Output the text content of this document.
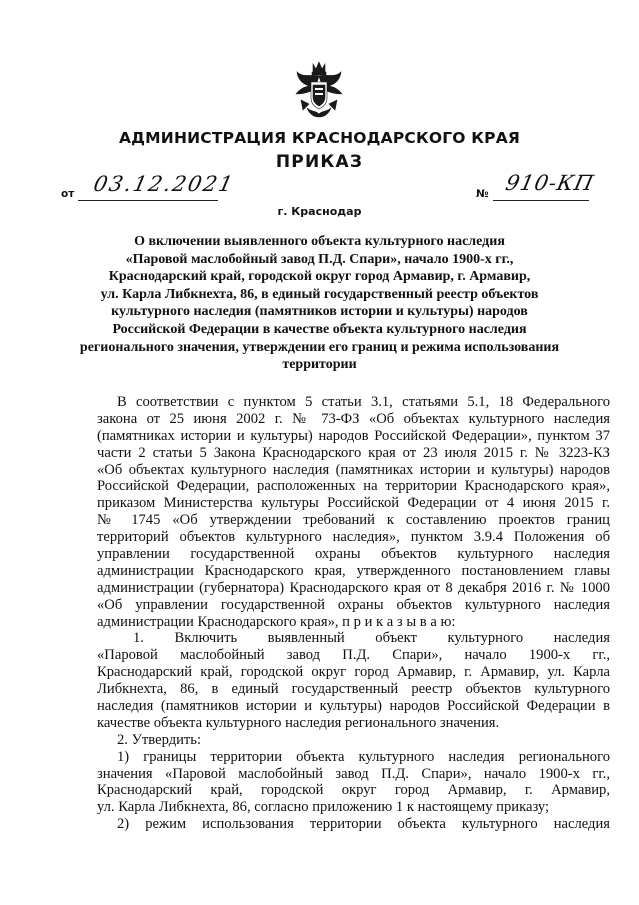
АДМИНИСТРАЦИЯ КРАСНОДАРСКОГО КРАЯ
ПРИКАЗ
от 03.12.2021	№ 910-КП
г. Краснодар
О включении выявленного объекта культурного наследия
«Паровой маслобойный завод П.Д. Спари», начало 1900-х гг.,
Краснодарский край, городской округ город Армавир, г. Армавир,
ул. Карла Либкнехта, 86, в единый государственный реестр объектов
культурного наследия (памятников истории и культуры) народов
Российской Федерации в качестве объекта культурного наследия
регионального значения, утверждении его границ и режима использования
территории
В соответствии с пунктом 5 статьи 3.1, статьями 5.1, 18 Федерального
закона от 25 июня 2002 г. № 73-ФЗ «Об объектах культурного наследия
(памятниках истории и культуры) народов Российской Федерации», пунктом 37
части 2 статьи 5 Закона Краснодарского края от 23 июля 2015 г. № 3223-КЗ
«Об объектах культурного наследия (памятниках истории и культуры) народов
Российской Федерации, расположенных на территории Краснодарского края»,
приказом Министерства культуры Российской Федерации от 4 июня 2015 г.
№ 1745 «Об утверждении требований к составлению проектов границ
территорий объектов культурного наследия», пунктом 3.9.4 Положения об
управлении государственной охраны объектов культурного наследия
администрации Краснодарского края, утвержденного постановлением главы
администрации (губернатора) Краснодарского края от 8 декабря 2016 г. № 1000
«Об управлении государственной охраны объектов культурного наследия
администрации Краснодарского края», п р и к а з ы в а ю:
1. Включить выявленный объект культурного наследия
«Паровой маслобойный завод П.Д. Спари», начало 1900-х гг.,
Краснодарский край, городской округ город Армавир, г. Армавир, ул. Карла
Либкнехта, 86, в единый государственный реестр объектов культурного
наследия (памятников истории и культуры) народов Российской Федерации в
качестве объекта культурного наследия регионального значения.
2. Утвердить:
1) границы территории объекта культурного наследия регионального
значения «Паровой маслобойный завод П.Д. Спари», начало 1900-х гг.,
Краснодарский край, городской округ город Армавир, г. Армавир,
ул. Карла Либкнехта, 86, согласно приложению 1 к настоящему приказу;
2) режим использования территории объекта культурного наследия
